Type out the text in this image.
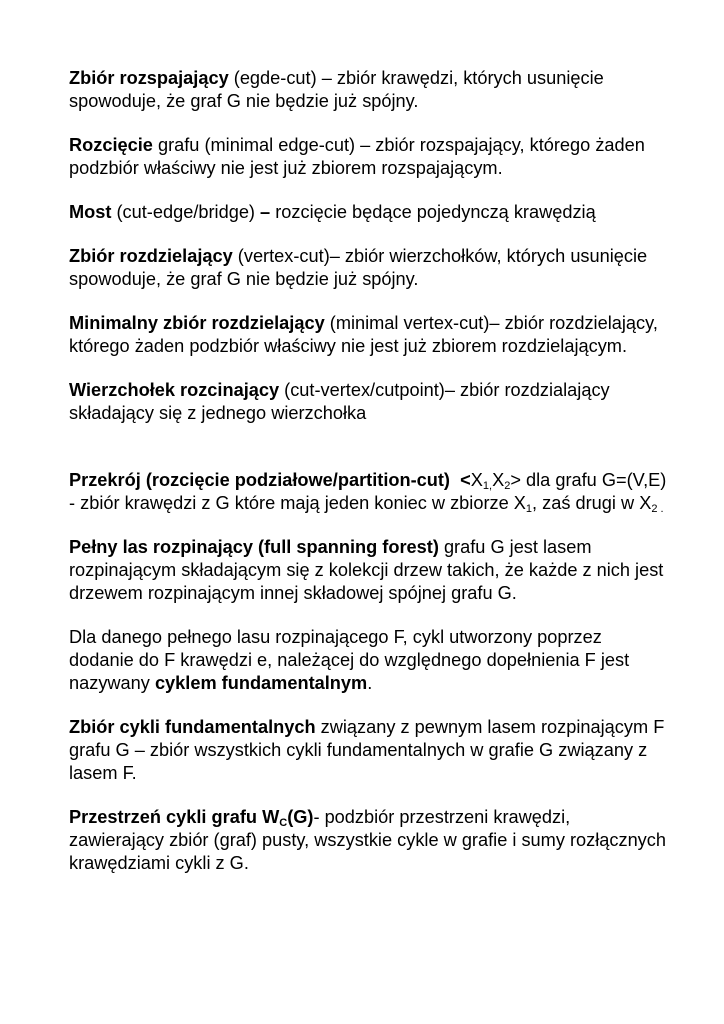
Zbiór rozspajający (egde-cut) – zbiór krawędzi, których usunięcie spowoduje, że graf G nie będzie już spójny.

Rozcięcie grafu (minimal edge-cut) – zbiór rozspajający, którego żaden podzbiór właściwy nie jest już zbiorem rozspajającym.

Most (cut-edge/bridge) – rozcięcie będące pojedynczą krawędzią

Zbiór rozdzielający (vertex-cut)– zbiór wierzchołków, których usunięcie spowoduje, że graf G nie będzie już spójny.

Minimalny zbiór rozdzielający (minimal vertex-cut)– zbiór rozdzielający, którego żaden podzbiór właściwy nie jest już zbiorem rozdzielającym.

Wierzchołek rozcinający (cut-vertex/cutpoint)– zbiór rozdzialający składający się z jednego wierzchołka

Przekrój (rozcięcie podziałowe/partition-cut) $<X_{1,}X_2>$ dla grafu G=(V,E) - zbiór krawędzi z G które mają jeden koniec w zbiorze $X_1$, zaś drugi w $X_{2 .}$

Pełny las rozpinający (full spanning forest) grafu G jest lasem rozpinającym składającym się z kolekcji drzew takich, że każde z nich jest drzewem rozpinającym innej składowej spójnej grafu G.

Dla danego pełnego lasu rozpinającego F, cykl utworzony poprzez dodanie do F krawędzi e, należącej do względnego dopełnienia F jest nazywany cyklem fundamentalnym.

Zbiór cykli fundamentalnych związany z pewnym lasem rozpinającym F grafu G – zbiór wszystkich cykli fundamentalnych w grafie G związany z lasem F.

Przestrzeń cykli grafu $W_C(G)-$ podzbiór przestrzeni krawędzi, zawierający zbiór (graf) pusty, wszystkie cykle w grafie i sumy rozłącznych krawędziami cykli z G.
